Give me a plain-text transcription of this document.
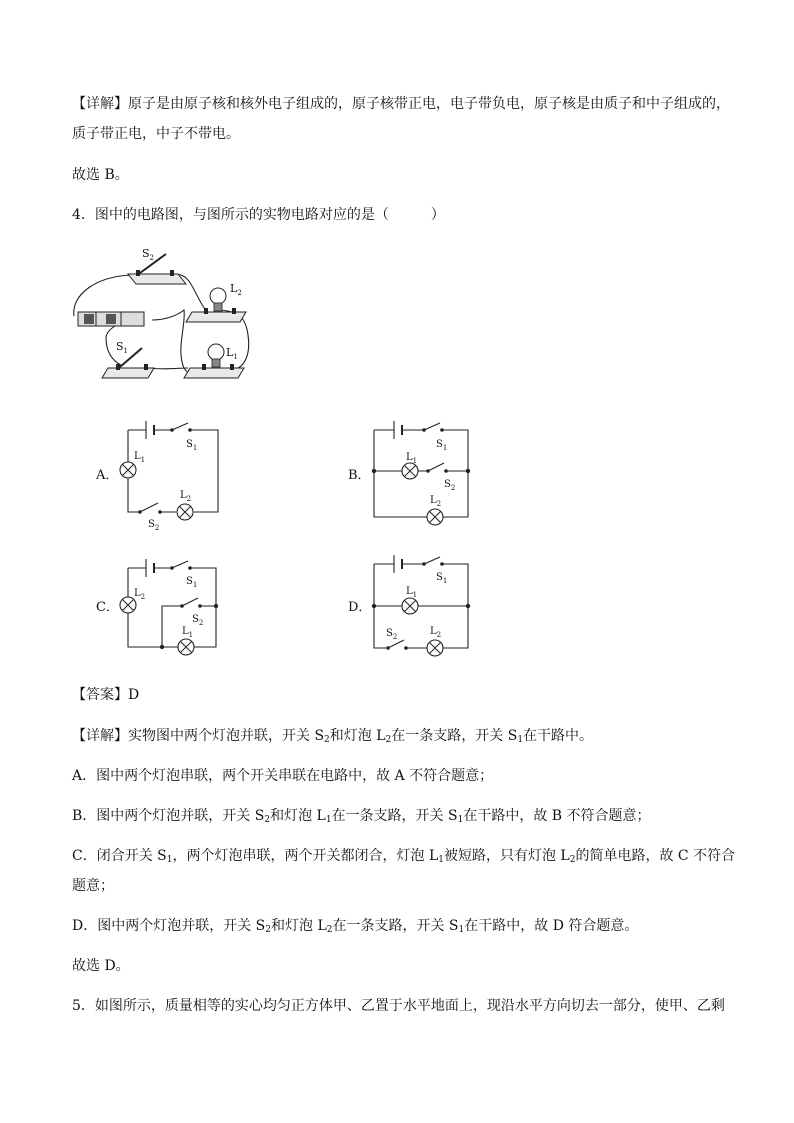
【详解】原子是由原子核和核外电子组成的，原子核带正电，电子带负电，原子核是由质子和中子组成的，
质子带正电，中子不带电。
故选 B。
4．图中的电路图，与图所示的实物电路对应的是（　　　）
$S_2$
$L_2$
$S_1$	$L_1$
A．
$S_1$
$L_1$
$L_2$
$S_2$
B．
$S_1$
$L_1$
$S_2$
$L_2$
C．
$S_1$
$L_2$
$S_2$
$L_1$
D．
$S_1$
$L_1$
$S_2$	$L_2$
【答案】D
【详解】实物图中两个灯泡并联，开关 $S_2$和灯泡 $L_2$在一条支路，开关 $S_1$在干路中。
A．图中两个灯泡串联，两个开关串联在电路中，故 A 不符合题意；
B．图中两个灯泡并联，开关 $S_2$和灯泡 $L_1$在一条支路，开关 $S_1$在干路中，故 B 不符合题意；
C．闭合开关 $S_1$，两个灯泡串联，两个开关都闭合，灯泡 $L_1$被短路，只有灯泡 $L_2$的简单电路，故 C 不符合
题意；
D．图中两个灯泡并联，开关 $S_2$和灯泡 $L_2$在一条支路，开关 $S_1$在干路中，故 D 符合题意。
故选 D。
5．如图所示，质量相等的实心均匀正方体甲、乙置于水平地面上，现沿水平方向切去一部分，使甲、乙剩
